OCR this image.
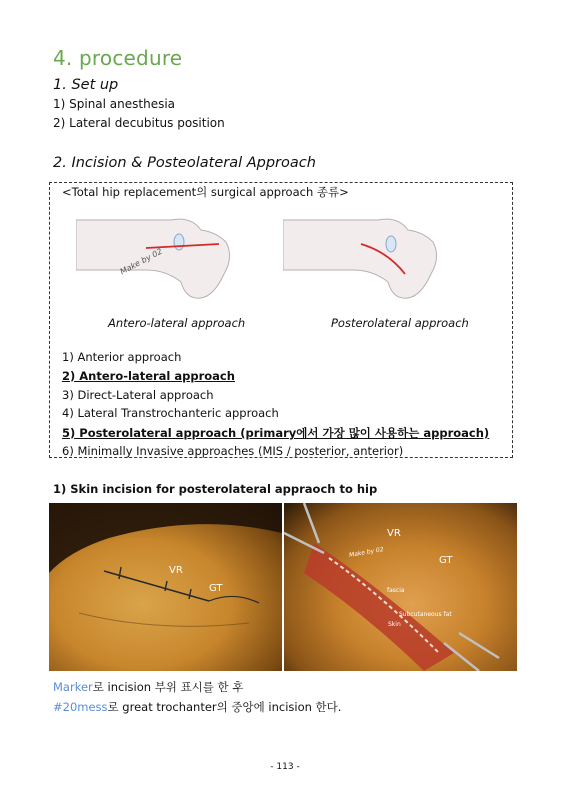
4. procedure
1. Set up
1) Spinal anesthesia
2) Lateral decubitus position
2. Incision & Posteolateral Approach
<Total hip replacement의 surgical approach 종류>
Make by 02
Antero-lateral approach	Posterolateral approach
1) Anterior approach
2) Antero-lateral approach
3) Direct-Lateral approach
4) Lateral Transtrochanteric approach
5) Posterolateral approach (primary에서 가장 많이 사용하는 approach)
6) Minimally Invasive approaches (MIS / posterior, anterior)
1) Skin incision for posterolateral appraoch to hip
VR
GT
VR
GT
Make by 02
fascia
Subcutaneous fat
Skin
Marker로 incision 부위 표시를 한 후
#20mess로 great trochanter의 중앙에 incision 한다.
- 113 -
